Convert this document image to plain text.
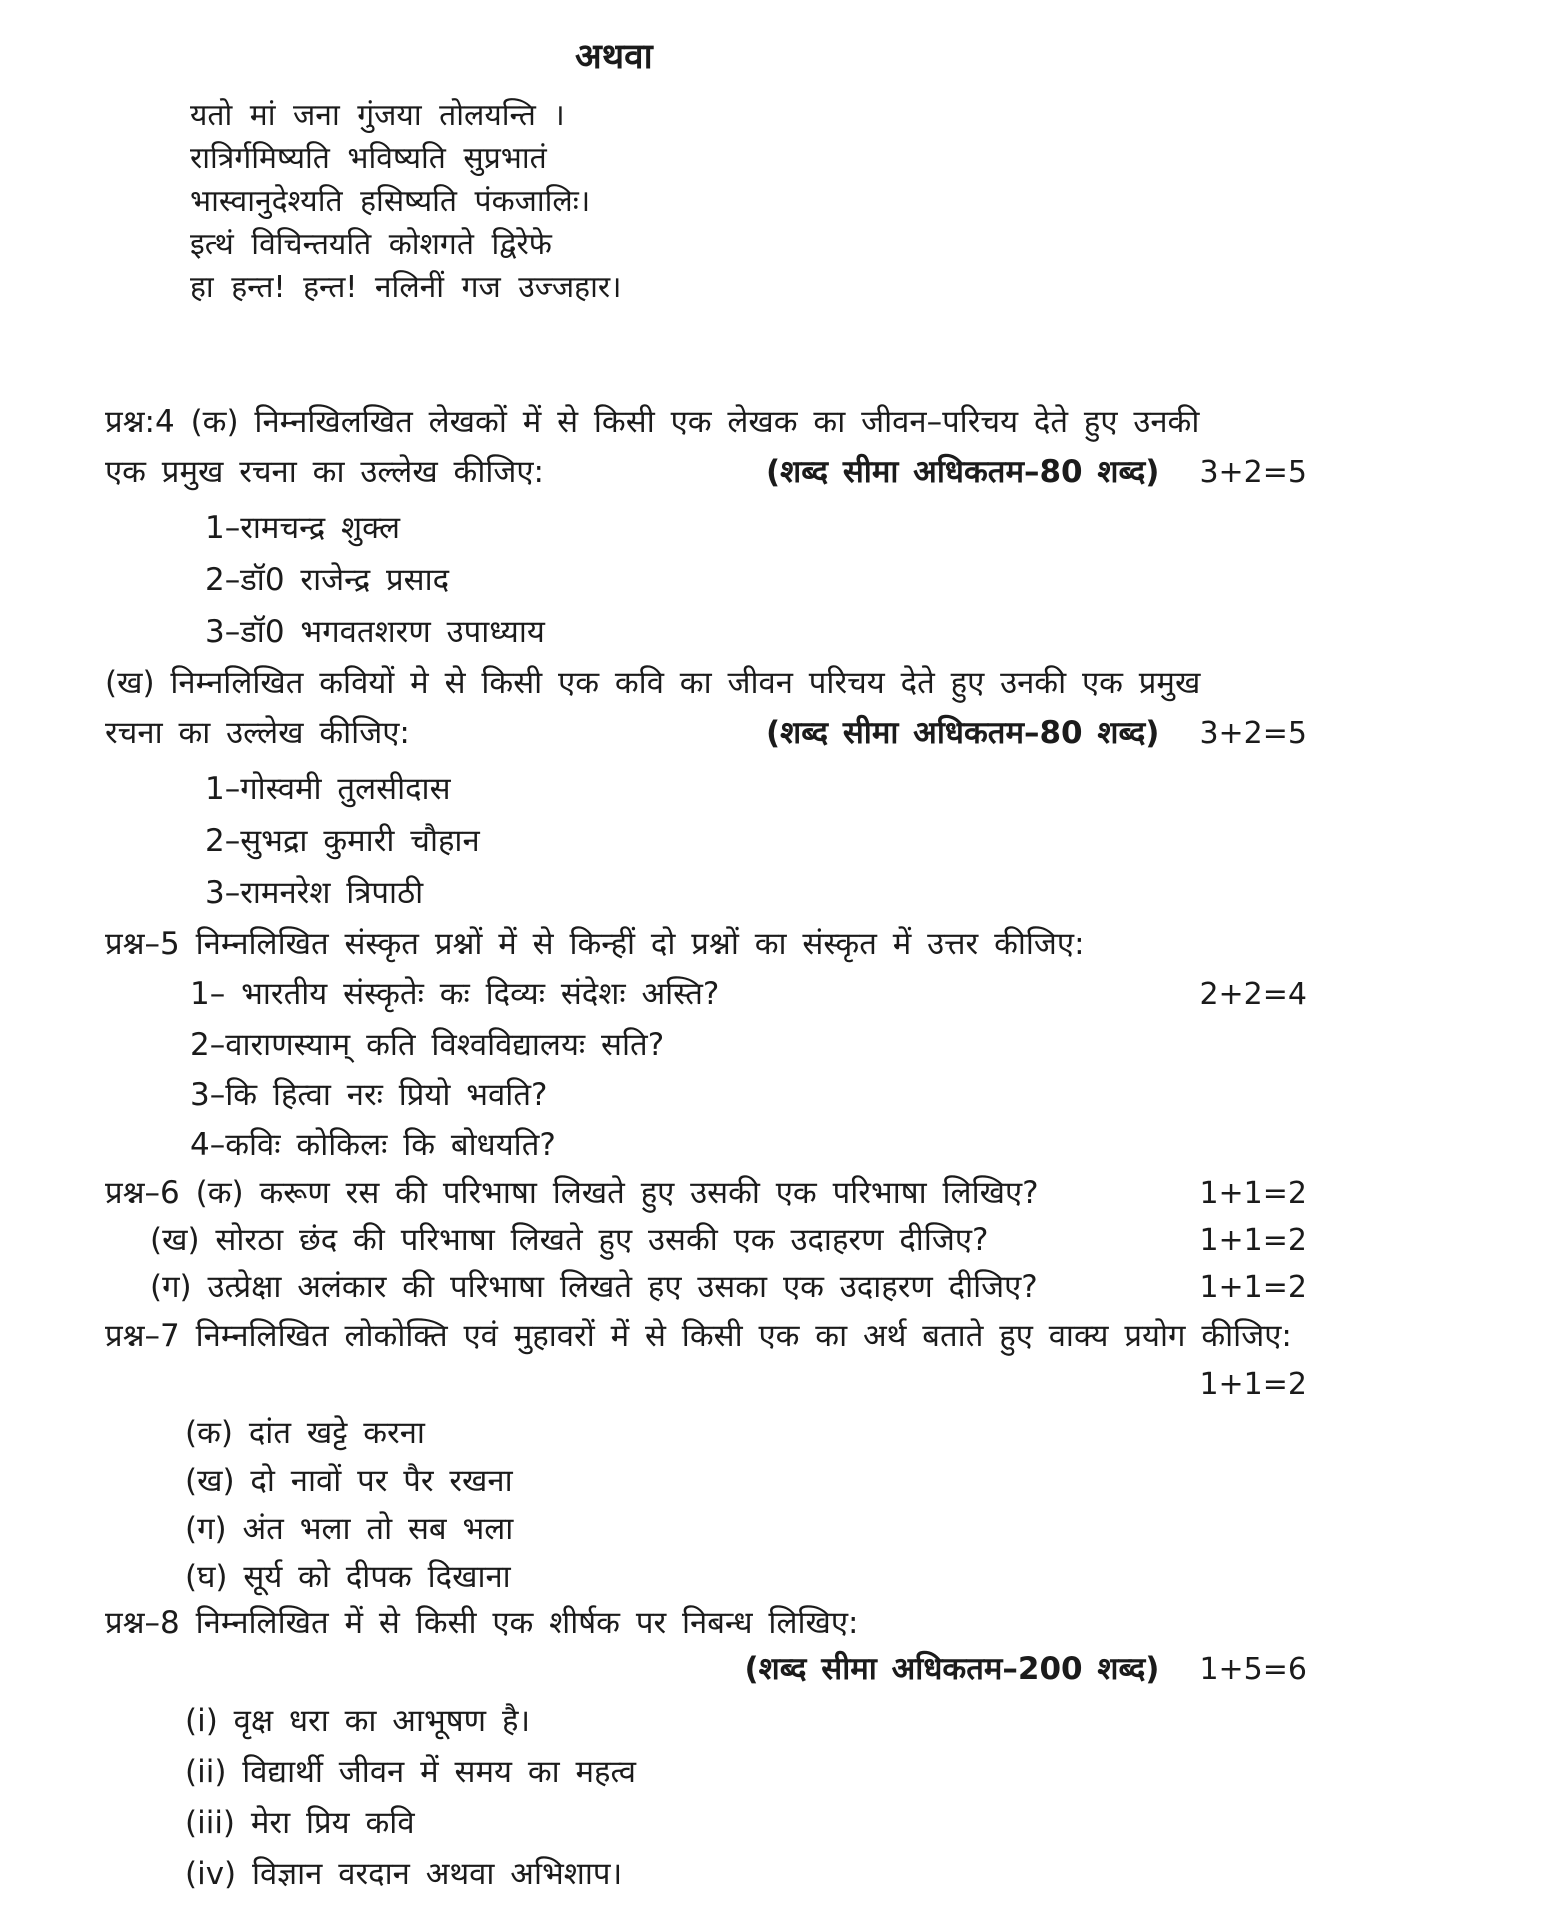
अथवा
यतो मां जना गुंजया तोलयन्ति ।
रात्रिर्गमिष्यति भविष्यति सुप्रभातं
भास्वानुदेश्यति हसिष्यति पंकजालिः।
इत्थं विचिन्तयति कोशगते द्विरेफे
हा हन्त! हन्त! नलिनीं गज उज्जहार।
प्रश्न:4 (क) निम्नखिलखित लेखकों में से किसी एक लेखक का जीवन–परिचय देते हुए उनकी
एक प्रमुख रचना का उल्लेख कीजिए:	(शब्द सीमा अधिकतम–80 शब्द) 3+2=5
1–रामचन्द्र शुक्ल
2–डॉ0 राजेन्द्र प्रसाद
3–डॉ0 भगवतशरण उपाध्याय
(ख) निम्नलिखित कवियों मे से किसी एक कवि का जीवन परिचय देते हुए उनकी एक प्रमुख
रचना का उल्लेख कीजिए:	(शब्द सीमा अधिकतम–80 शब्द) 3+2=5
1–गोस्वमी तुलसीदास
2–सुभद्रा कुमारी चौहान
3–रामनरेश त्रिपाठी
प्रश्न–5 निम्नलिखित संस्कृत प्रश्नों में से किन्हीं दो प्रश्नों का संस्कृत में उत्तर कीजिए:
1– भारतीय संस्कृतेः कः दिव्यः संदेशः अस्ति?	2+2=4
2–वाराणस्याम् कति विश्वविद्यालयः सति?
3–कि हित्वा नरः प्रियो भवति?
4–कविः कोकिलः कि बोधयति?
प्रश्न–6 (क) करूण रस की परिभाषा लिखते हुए उसकी एक परिभाषा लिखिए?	1+1=2
(ख) सोरठा छंद की परिभाषा लिखते हुए उसकी एक उदाहरण दीजिए?	1+1=2
(ग) उत्प्रेक्षा अलंकार की परिभाषा लिखते हए उसका एक उदाहरण दीजिए?	1+1=2
प्रश्न–7 निम्नलिखित लोकोक्ति एवं मुहावरों में से किसी एक का अर्थ बताते हुए वाक्य प्रयोग कीजिए:
1+1=2
(क) दांत खट्टे करना
(ख) दो नावों पर पैर रखना
(ग) अंत भला तो सब भला
(घ) सूर्य को दीपक दिखाना
प्रश्न–8 निम्नलिखित में से किसी एक शीर्षक पर निबन्ध लिखिए:
(शब्द सीमा अधिकतम–200 शब्द) 1+5=6
(i) वृक्ष धरा का आभूषण है।
(ii) विद्यार्थी जीवन में समय का महत्व
(iii) मेरा प्रिय कवि
(iv) विज्ञान वरदान अथवा अभिशाप।
